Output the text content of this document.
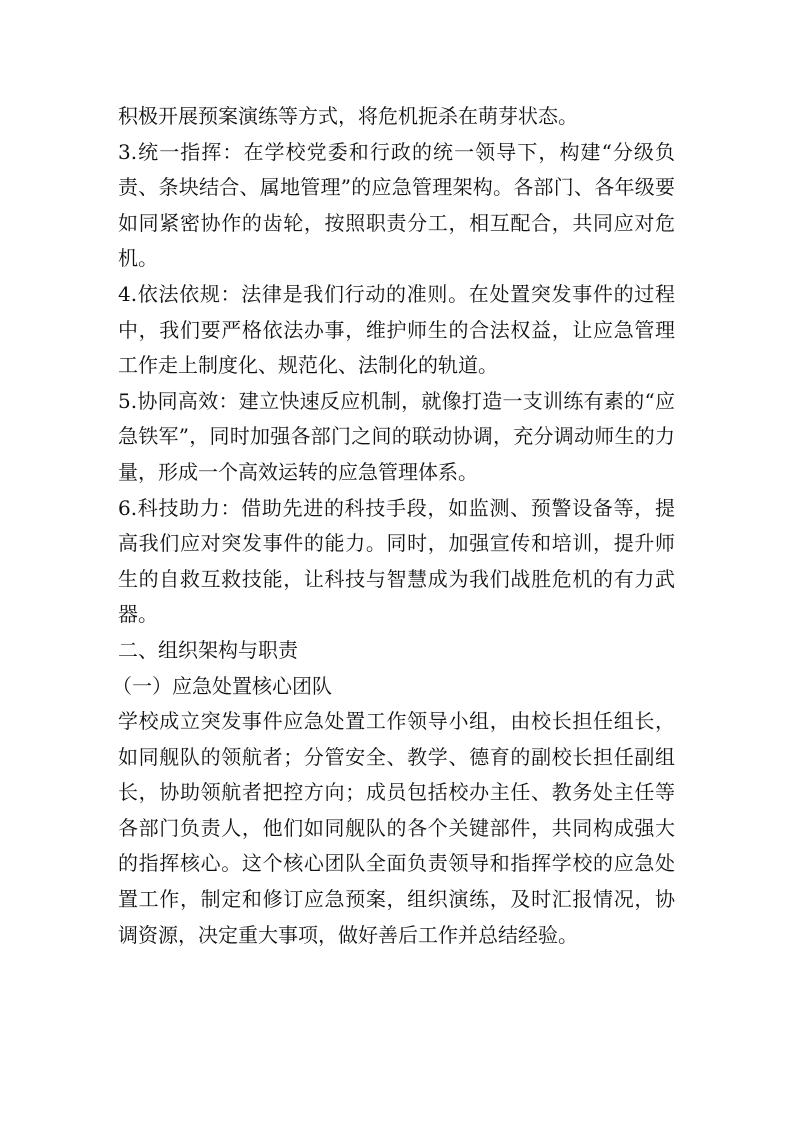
积极开展预案演练等方式，将危机扼杀在萌芽状态。

3.统一指挥：在学校党委和行政的统一领导下，构建“分级负责、条块结合、属地管理”的应急管理架构。各部门、各年级要如同紧密协作的齿轮，按照职责分工，相互配合，共同应对危机。

4.依法依规：法律是我们行动的准则。在处置突发事件的过程中，我们要严格依法办事，维护师生的合法权益，让应急管理工作走上制度化、规范化、法制化的轨道。

5.协同高效：建立快速反应机制，就像打造一支训练有素的“应急铁军”，同时加强各部门之间的联动协调，充分调动师生的力量，形成一个高效运转的应急管理体系。

6.科技助力：借助先进的科技手段，如监测、预警设备等，提高我们应对突发事件的能力。同时，加强宣传和培训，提升师生的自救互救技能，让科技与智慧成为我们战胜危机的有力武器。

二、组织架构与职责

（一）应急处置核心团队

学校成立突发事件应急处置工作领导小组，由校长担任组长，如同舰队的领航者；分管安全、教学、德育的副校长担任副组长，协助领航者把控方向；成员包括校办主任、教务处主任等各部门负责人，他们如同舰队的各个关键部件，共同构成强大的指挥核心。这个核心团队全面负责领导和指挥学校的应急处置工作，制定和修订应急预案，组织演练，及时汇报情况，协调资源，决定重大事项，做好善后工作并总结经验。
